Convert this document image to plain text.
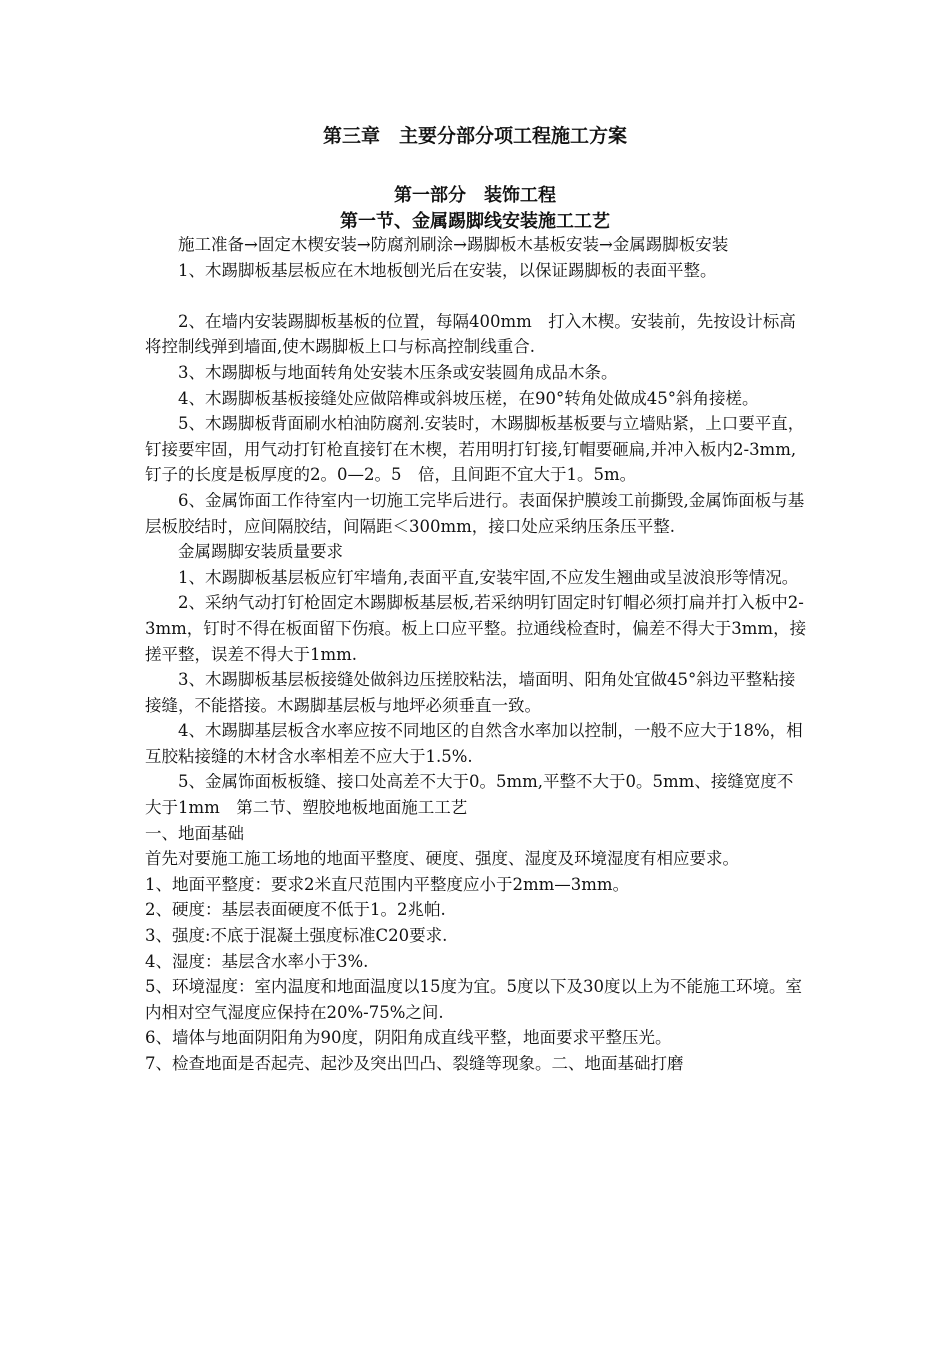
第三章　主要分部分项工程施工方案
第一部分　装饰工程
第一节、金属踢脚线安装施工工艺

施工准备→固定木楔安装→防腐剂刷涂→踢脚板木基板安装→金属踢脚板安装

1、木踢脚板基层板应在木地板刨光后在安装，以保证踢脚板的表面平整。

2、在墙内安装踢脚板基板的位置，每隔400mm　打入木楔。安装前，先按设计标高将控制线弹到墙面,使木踢脚板上口与标高控制线重合.

3、木踢脚板与地面转角处安装木压条或安装圆角成品木条。

4、木踢脚板基板接缝处应做陪榫或斜坡压槎，在90°转角处做成45°斜角接槎。

5、木踢脚板背面刷水柏油防腐剂.安装时，木踢脚板基板要与立墙贴紧，上口要平直，钉接要牢固，用气动打钉枪直接钉在木楔，若用明打钉接,钉帽要砸扁,并冲入板内2-3mm,钉子的长度是板厚度的2。0—2。5　倍，且间距不宜大于1。5m。

6、金属饰面工作待室内一切施工完毕后进行。表面保护膜竣工前撕毁,金属饰面板与基层板胶结时，应间隔胶结，间隔距＜300mm，接口处应采纳压条压平整.

金属踢脚安装质量要求

1、木踢脚板基层板应钉牢墙角,表面平直,安装牢固,不应发生翘曲或呈波浪形等情况。

2、采纳气动打钉枪固定木踢脚板基层板,若采纳明钉固定时钉帽必须打扁并打入板中2-3mm，钉时不得在板面留下伤痕。板上口应平整。拉通线检查时，偏差不得大于3mm，接搓平整，误差不得大于1mm.

3、木踢脚板基层板接缝处做斜边压搓胶粘法，墙面明、阳角处宜做45°斜边平整粘接接缝，不能搭接。木踢脚基层板与地坪必须垂直一致。

4、木踢脚基层板含水率应按不同地区的自然含水率加以控制，一般不应大于18%，相互胶粘接缝的木材含水率相差不应大于1.5%.

5、金属饰面板板缝、接口处高差不大于0。5mm,平整不大于0。5mm、接缝宽度不大于1mm　第二节、塑胶地板地面施工工艺

一、地面基础

首先对要施工施工场地的地面平整度、硬度、强度、湿度及环境湿度有相应要求。

1、地面平整度：要求2米直尺范围内平整度应小于2mm—3mm。

2、硬度：基层表面硬度不低于1。2兆帕.

3、强度:不底于混凝土强度标准C20要求.

4、湿度：基层含水率小于3%.

5、环境湿度：室内温度和地面温度以15度为宜。5度以下及30度以上为不能施工环境。室内相对空气湿度应保持在20%-75%之间.

6、墙体与地面阴阳角为90度，阴阳角成直线平整，地面要求平整压光。

7、检查地面是否起壳、起沙及突出凹凸、裂缝等现象。二、地面基础打磨
